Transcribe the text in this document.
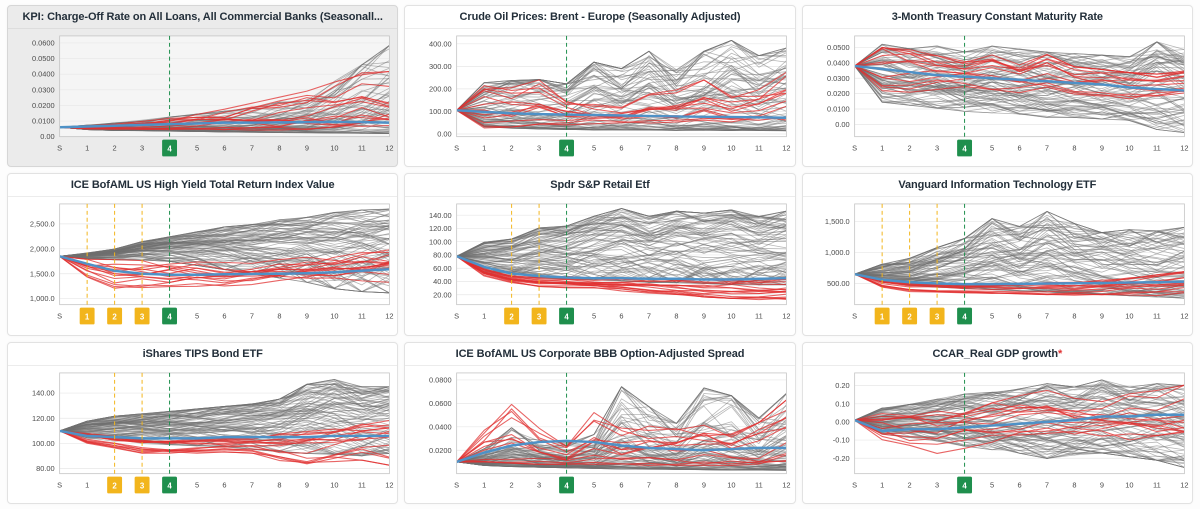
KPI: Charge-Off Rate on All Loans, All Commercial Banks (Seasonall...
0.0600
0.0500
0.0400
0.0300
0.0200
0.0100
0.00
S	1	2	3	4	5	6	7	8	9	10	11	12
Crude Oil Prices: Brent - Europe (Seasonally Adjusted)
400.00
300.00
200.00
100.00
0.00
S	1	2	3	4	5	6	7	8	9	10	11	12
3-Month Treasury Constant Maturity Rate
0.0500
0.0400
0.0300
0.0200
0.0100
0.00
S	1	2	3	4	5	6	7	8	9	10	11	12
ICE BofAML US High Yield Total Return Index Value
2,500.0
2,000.0
1,500.0
1,000.0
S	1	2	3	4	5	6	7	8	9	10	11	12
Spdr S&P Retail Etf
140.00
120.00
100.00
80.00
60.00
40.00
20.00
S	1	2	3	4	5	6	7	8	9	10	11	12
Vanguard Information Technology ETF
1,500.0
1,000.0
500.00
S	1	2	3	4	5	6	7	8	9	10	11	12
iShares TIPS Bond ETF
140.00
120.00
100.00
80.00
S	1	2	3	4	5	6	7	8	9	10	11	12
ICE BofAML US Corporate BBB Option-Adjusted Spread
0.0800
0.0600
0.0400
0.0200
S	1	2	3	4	5	6	7	8	9	10	11	12
CCAR_Real GDP growth*
0.20
0.10
0.00
-0.10
-0.20
S	1	2	3	4	5	6	7	8	9	10	11	12
